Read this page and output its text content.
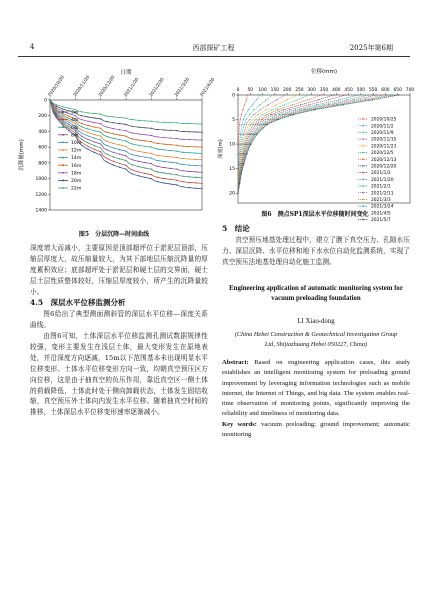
4	西部探矿工程	2025年第6期
日期
沉降量(mm)
2020/10/20 2020/11/20 2020/12/20 2021/1/20 2021/2/20 2021/3/20 2021/4/20
0
200
400
600
800
1000
1200
1400
2m
4m
6m
8m
10m
12m
14m
16m
18m
20m
22m
图5　分层沉降—时间曲线
深度增大而减小，主要原因是顶部超坪位于淤泥层顶部，压缩层厚度大，故压缩量较大，为其下部地层压缩沉降量的厚度累积效应；底部超坪处于淤泥层和硬土层的交界面，硬土层土层性质整体较好，压缩层厚度较小，所产生的沉降量较小。
4.5　深层水平位移监测分析
图6给出了典型测面测斜管的深层水平位移—深度关系曲线。
由图6可知，土体深层水平位移监测孔测试数据规律性较强，变形主要发生在浅层土体，最大变形发生在原地表处，并沿深度方向逐减，15m以下范围基本未出现明显水平位移变形。土体水平位移变形方向一致，均朝真空预压区方向位移，这是由于抽真空的负压作用，靠近真空区一侧土体的荷载降低，土体此时处于侧向卸载状态，土体发生固结收缩，真空预压外土体向内发生水平位移。随着抽真空时间的推移，土体深层水平位移变形速率逐渐减小。
位移(mm)
深度(m)
0 50 100 150 200 250 300 350 400 450 500 550 600 650 700
0
5
10
15
20
2020/10/25
2020/11/2
2020/11/9
2020/11/15
2020/11/23
2020/12/5
2020/12/13
2020/12/20
2021/1/2
2021/1/20
2021/2/1
2021/2/11
2021/3/3
2021/3/24
2021/4/5
2021/5/7
图6　测点SP1深层水平位移随时间变化
5　结论
真空预压地基处理过程中，建立了膜下真空压力、孔隙水压力、深层沉降、水平位移和地下水水位自动化监测系统，实现了真空预压法地基处理自动化施工监测。
Engineering application of automatic monitoring system for vacuum preloading foundation
LI Xiao-dong
(China Hebei Construction & Geotechnical Investigation Group
Ltd, Shijiazhuang Hebei 050227, China)
Abstract: Based on engineering application cases, this study establishes an intelligent monitoring system for preloading ground improvement by leveraging information technologies such as mobile internet, the Internet of Things, and big data. The system enables real-time observation of monitoring points, significantly improving the reliability and timeliness of monitoring data.
Key words: vacuum preloading; ground improvement; automatic monitoring
